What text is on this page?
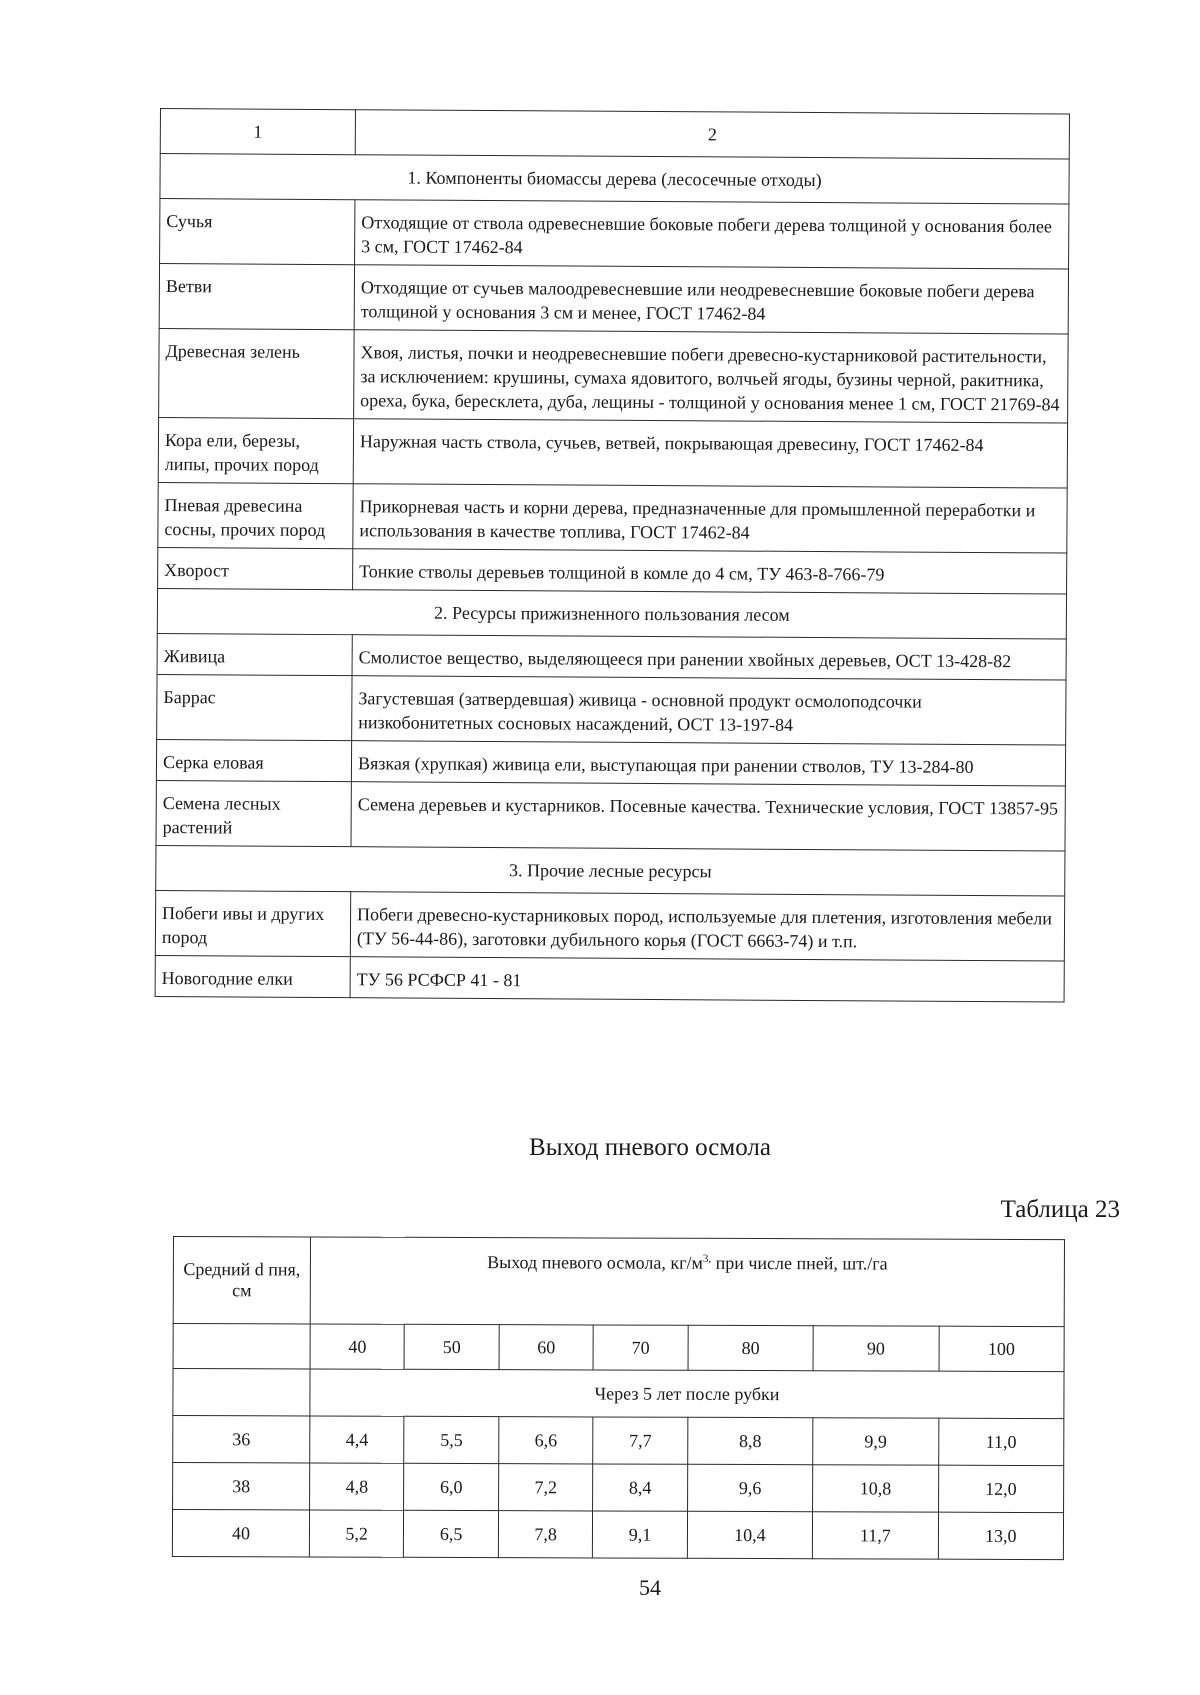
1	2
1. Компоненты биомассы дерева (лесосечные отходы)	
Сучья	Отходящие от ствола одревесневшие боковые побеги дерева толщиной у основания более 3 см, ГОСТ 17462-84
Ветви	Отходящие от сучьев малоодревесневшие или неодревесневшие боковые побеги дерева толщиной у основания 3 см и менее, ГОСТ 17462-84
Древесная зелень	Хвоя, листья, почки и неодревесневшие побеги древесно-кустарниковой растительности, за исключением: крушины, сумаха ядовитого, волчьей ягоды, бузины черной, ракитника, ореха, бука, бересклета, дуба, лещины - толщиной у основания менее 1 см, ГОСТ 21769-84
Кора ели, березы, липы, прочих пород	Наружная часть ствола, сучьев, ветвей, покрывающая древесину, ГОСТ 17462-84
Пневая древесина сосны, прочих пород	Прикорневая часть и корни дерева, предназначенные для промышленной переработки и использования в качестве топлива, ГОСТ 17462-84
Хворост	Тонкие стволы деревьев толщиной в комле до 4 см, ТУ 463-8-766-79
2. Ресурсы прижизненного пользования лесом	
Живица	Смолистое вещество, выделяющееся при ранении хвойных деревьев, ОСТ 13-428-82
Баррас	Загустевшая (затвердевшая) живица - основной продукт осмолоподсочки низкобонитетных сосновых насаждений, ОСТ 13-197-84
Серка еловая	Вязкая (хрупкая) живица ели, выступающая при ранении стволов, ТУ 13-284-80
Семена лесных растений	Семена деревьев и кустарников. Посевные качества. Технические условия, ГОСТ 13857-95
3. Прочие лесные ресурсы	
Побеги ивы и других пород	Побеги древесно-кустарниковых пород, используемые для плетения, изготовления мебели (ТУ 56-44-86), заготовки дубильного корья (ГОСТ 6663-74) и т.п.
Новогодние елки	ТУ 56 РСФСР 41 - 81
Выход пневого осмола
Таблица 23
Средний d пня, см	Выход пневого осмола, $кг/м^{3,}$ при числе пней, шт./га						
	40	50	60	70	80	90	100
	Через 5 лет после рубки						
36	4,4	5,5	6,6	7,7	8,8	9,9	11,0
38	4,8	6,0	7,2	8,4	9,6	10,8	12,0
40	5,2	6,5	7,8	9,1	10,4	11,7	13,0
54
